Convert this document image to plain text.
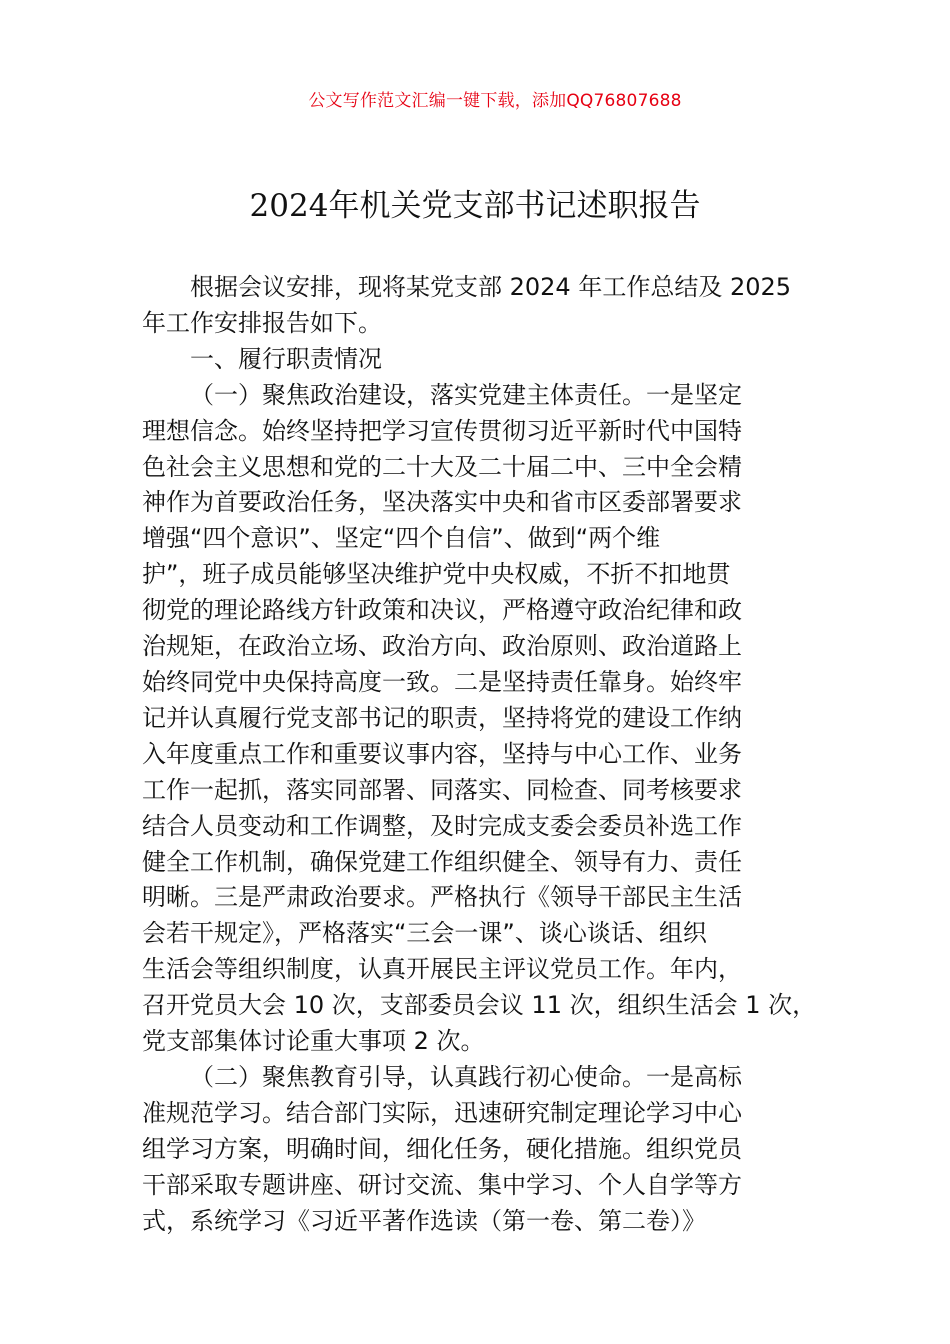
公文写作范文汇编一键下载，添加QQ76807688
2024年机关党支部书记述职报告
根据会议安排，现将某党支部 2024 年工作总结及 2025
年工作安排报告如下。
一、履行职责情况
（一）聚焦政治建设，落实党建主体责任。一是坚定
理想信念。始终坚持把学习宣传贯彻习近平新时代中国特
色社会主义思想和党的二十大及二十届二中、三中全会精
神作为首要政治任务，坚决落实中央和省市区委部署要求
增强“四个意识”、坚定“四个自信”、做到“两个维
护”，班子成员能够坚决维护党中央权威，不折不扣地贯
彻党的理论路线方针政策和决议，严格遵守政治纪律和政
治规矩，在政治立场、政治方向、政治原则、政治道路上
始终同党中央保持高度一致。二是坚持责任靠身。始终牢
记并认真履行党支部书记的职责，坚持将党的建设工作纳
入年度重点工作和重要议事内容，坚持与中心工作、业务
工作一起抓，落实同部署、同落实、同检查、同考核要求
结合人员变动和工作调整，及时完成支委会委员补选工作
健全工作机制，确保党建工作组织健全、领导有力、责任
明晰。三是严肃政治要求。严格执行《领导干部民主生活
会若干规定》，严格落实“三会一课”、谈心谈话、组织
生活会等组织制度，认真开展民主评议党员工作。年内，
召开党员大会 10 次，支部委员会议 11 次，组织生活会 1 次，
党支部集体讨论重大事项 2 次。
（二）聚焦教育引导，认真践行初心使命。一是高标
准规范学习。结合部门实际，迅速研究制定理论学习中心
组学习方案，明确时间，细化任务，硬化措施。组织党员
干部采取专题讲座、研讨交流、集中学习、个人自学等方
式，系统学习《习近平著作选读（第一卷、第二卷）》
